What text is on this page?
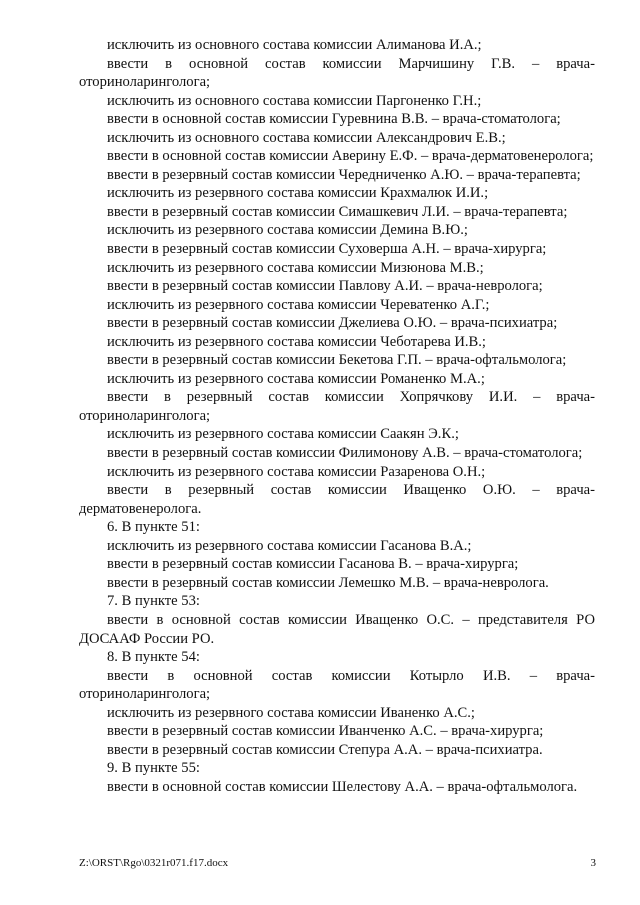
исключить из основного состава комиссии Алиманова И.А.;
ввести в основной состав комиссии Марчишину Г.В. – врача-оториноларинголога;
исключить из основного состава комиссии Паргоненко Г.Н.;
ввести в основной состав комиссии Гуревнина В.В. – врача-стоматолога;
исключить из основного состава комиссии Александрович Е.В.;
ввести в основной состав комиссии Аверину Е.Ф. – врача-дерматовенеролога;
ввести в резервный состав комиссии Чередниченко А.Ю. – врача-терапевта;
исключить из резервного состава комиссии Крахмалюк И.И.;
ввести в резервный состав комиссии Симашкевич Л.И. – врача-терапевта;
исключить из резервного состава комиссии Демина В.Ю.;
ввести в резервный состав комиссии Суховерша А.Н. – врача-хирурга;
исключить из резервного состава комиссии Мизюнова М.В.;
ввести в резервный состав комиссии Павлову А.И. – врача-невролога;
исключить из резервного состава комиссии Череватенко А.Г.;
ввести в резервный состав комиссии Джелиева О.Ю. – врача-психиатра;
исключить из резервного состава комиссии Чеботарева И.В.;
ввести в резервный состав комиссии Бекетова Г.П. – врача-офтальмолога;
исключить из резервного состава комиссии Романенко М.А.;
ввести в резервный состав комиссии Хопрячкову И.И. – врача-оториноларинголога;
исключить из резервного состава комиссии Саакян Э.К.;
ввести в резервный состав комиссии Филимонову А.В. – врача-стоматолога;
исключить из резервного состава комиссии Разаренова О.Н.;
ввести в резервный состав комиссии Иващенко О.Ю. – врача-дерматовенеролога.
6. В пункте 51:
исключить из резервного состава комиссии Гасанова В.А.;
ввести в резервный состав комиссии Гасанова В. – врача-хирурга;
ввести в резервный состав комиссии Лемешко М.В. – врача-невролога.
7. В пункте 53:
ввести в основной состав комиссии Иващенко О.С. – представителя РО ДОСААФ России РО.
8. В пункте 54:
ввести в основной состав комиссии Котырло И.В. – врача-оториноларинголога;
исключить из резервного состава комиссии Иваненко А.С.;
ввести в резервный состав комиссии Иванченко А.С. – врача-хирурга;
ввести в резервный состав комиссии Степура А.А. – врача-психиатра.
9. В пункте 55:
ввести в основной состав комиссии Шелестову А.А. – врача-офтальмолога.
Z:\ORST\Rgo\0321r071.f17.docx	3
